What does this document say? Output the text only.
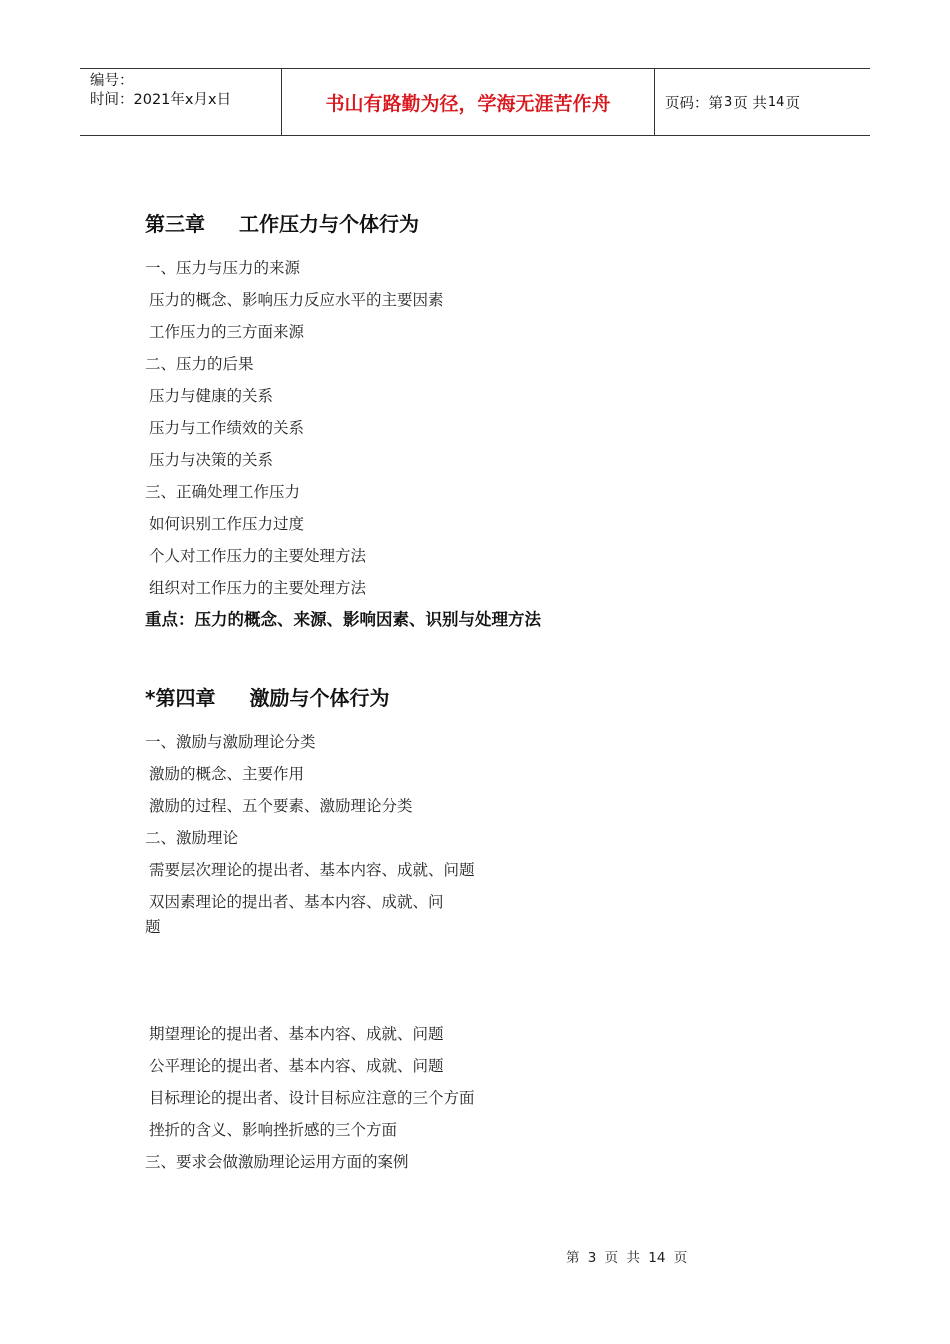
编号：
时间：2021年x月x日	书山有路勤为径，学海无涯苦作舟	页码：第 3 页 共 14 页
第三章 工作压力与个体行为
一、压力与压力的来源
压力的概念、影响压力反应水平的主要因素
工作压力的三方面来源
二、压力的后果
压力与健康的关系
压力与工作绩效的关系
压力与决策的关系
三、正确处理工作压力
如何识别工作压力过度
个人对工作压力的主要处理方法
组织对工作压力的主要处理方法
重点：压力的概念、来源、影响因素、识别与处理方法
*第四章 激励与个体行为
一、激励与激励理论分类
激励的概念、主要作用
激励的过程、五个要素、激励理论分类
二、激励理论
需要层次理论的提出者、基本内容、成就、问题
双因素理论的提出者、基本内容、成就、问
题
期望理论的提出者、基本内容、成就、问题
公平理论的提出者、基本内容、成就、问题
目标理论的提出者、设计目标应注意的三个方面
挫折的含义、影响挫折感的三个方面
三、要求会做激励理论运用方面的案例
第 3 页 共 14 页
